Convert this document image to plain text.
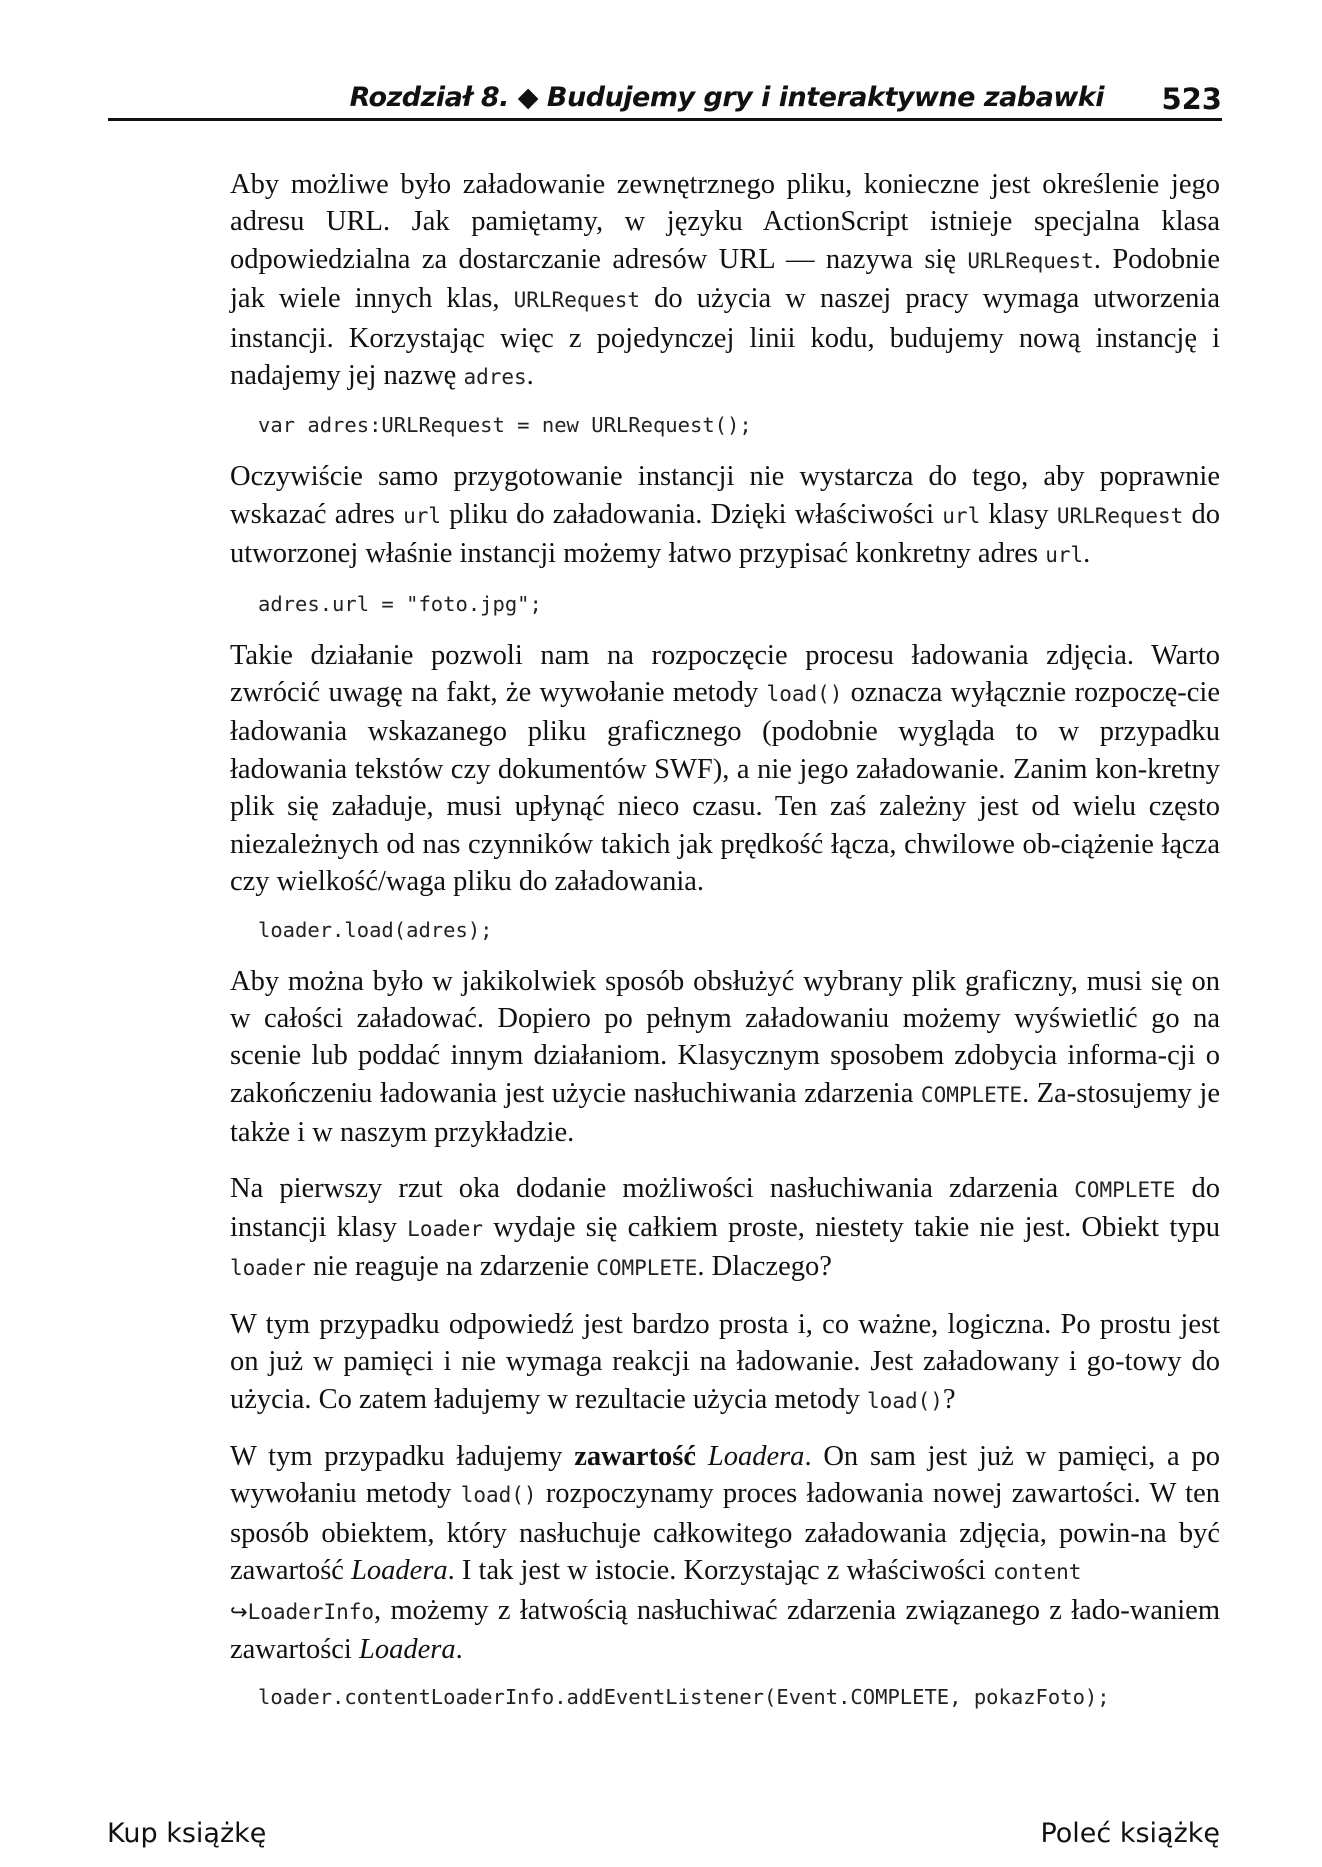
Rozdział 8. ◆ Budujemy gry i interaktywne zabawki 523

Aby możliwe było załadowanie zewnętrznego pliku, konieczne jest określenie jego adresu URL. Jak pamiętamy, w języku ActionScript istnieje specjalna klasa odpowiedzialna za dostarczanie adresów URL — nazywa się URLRequest. Podobnie jak wiele innych klas, URLRequest do użycia w naszej pracy wymaga utworzenia instancji. Korzystając więc z pojedynczej linii kodu, budujemy nową instancję i nadajemy jej nazwę adres.

var adres:URLRequest = new URLRequest();

Oczywiście samo przygotowanie instancji nie wystarcza do tego, aby poprawnie wskazać adres url pliku do załadowania. Dzięki właściwości url klasy URLRequest do utworzonej właśnie instancji możemy łatwo przypisać konkretny adres url.

adres.url = "foto.jpg";

Takie działanie pozwoli nam na rozpoczęcie procesu ładowania zdjęcia. Warto zwrócić uwagę na fakt, że wywołanie metody load() oznacza wyłącznie rozpoczę-cie ładowania wskazanego pliku graficznego (podobnie wygląda to w przypadku ładowania tekstów czy dokumentów SWF), a nie jego załadowanie. Zanim kon-kretny plik się załaduje, musi upłynąć nieco czasu. Ten zaś zależny jest od wielu często niezależnych od nas czynników takich jak prędkość łącza, chwilowe ob-ciążenie łącza czy wielkość/waga pliku do załadowania.

loader.load(adres);

Aby można było w jakikolwiek sposób obsłużyć wybrany plik graficzny, musi się on w całości załadować. Dopiero po pełnym załadowaniu możemy wyświetlić go na scenie lub poddać innym działaniom. Klasycznym sposobem zdobycia informa-cji o zakończeniu ładowania jest użycie nasłuchiwania zdarzenia COMPLETE. Za-stosujemy je także i w naszym przykładzie.

Na pierwszy rzut oka dodanie możliwości nasłuchiwania zdarzenia COMPLETE do instancji klasy Loader wydaje się całkiem proste, niestety takie nie jest. Obiekt typu loader nie reaguje na zdarzenie COMPLETE. Dlaczego?

W tym przypadku odpowiedź jest bardzo prosta i, co ważne, logiczna. Po prostu jest on już w pamięci i nie wymaga reakcji na ładowanie. Jest załadowany i go-towy do użycia. Co zatem ładujemy w rezultacie użycia metody load()?

W tym przypadku ładujemy zawartość Loadera. On sam jest już w pamięci, a po wywołaniu metody load() rozpoczynamy proces ładowania nowej zawartości. W ten sposób obiektem, który nasłuchuje całkowitego załadowania zdjęcia, powin-na być zawartość Loadera. I tak jest w istocie. Korzystając z właściwości content
↪LoaderInfo, możemy z łatwością nasłuchiwać zdarzenia związanego z łado-waniem zawartości Loadera.

loader.contentLoaderInfo.addEventListener(Event.COMPLETE, pokazFoto);
Kup książkę	Poleć książkę
